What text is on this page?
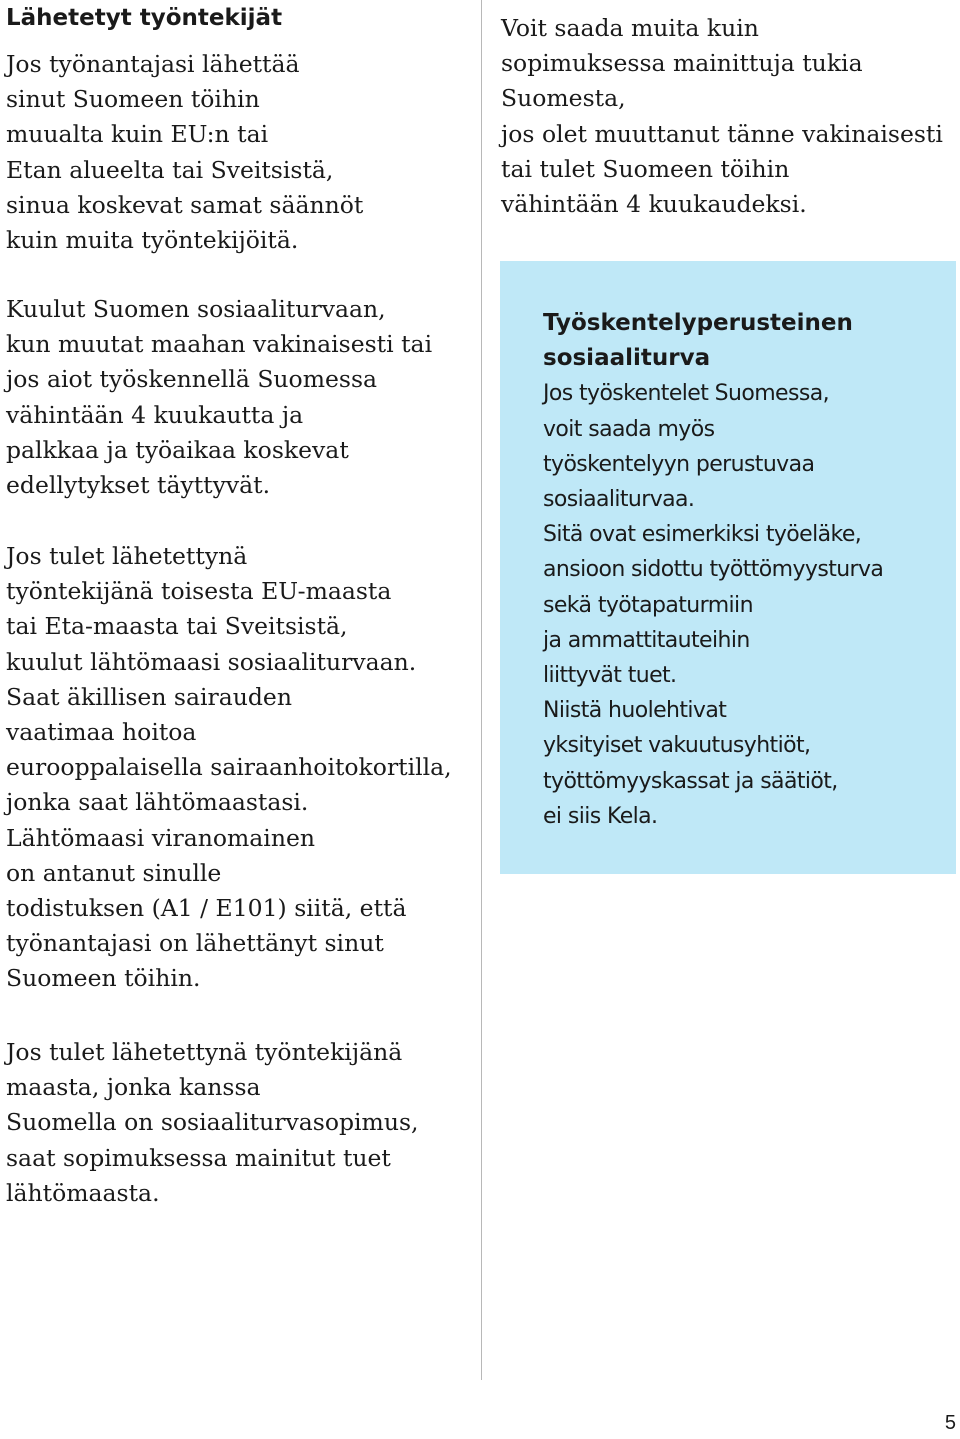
Lähetetyt työntekijät

Jos työnantajasi lähettää
sinut Suomeen töihin
muualta kuin EU:n tai
Etan alueelta tai Sveitsistä,
sinua koskevat samat säännöt
kuin muita työntekijöitä.

Kuulut Suomen sosiaaliturvaan,
kun muutat maahan vakinaisesti tai
jos aiot työskennellä Suomessa
vähintään 4 kuukautta ja
palkkaa ja työaikaa koskevat
edellytykset täyttyvät.

Jos tulet lähetettynä
työntekijänä toisesta EU-maasta
tai Eta-maasta tai Sveitsistä,
kuulut lähtömaasi sosiaaliturvaan.
Saat äkillisen sairauden
vaatimaa hoitoa
eurooppalaisella sairaanhoitokortilla,
jonka saat lähtömaastasi.
Lähtömaasi viranomainen
on antanut sinulle
todistuksen (A1 / E101) siitä, että
työnantajasi on lähettänyt sinut
Suomeen töihin.

Jos tulet lähetettynä työntekijänä
maasta, jonka kanssa
Suomella on sosiaaliturvasopimus,
saat sopimuksessa mainitut tuet
lähtömaasta.

Voit saada muita kuin
sopimuksessa mainittuja tukia
Suomesta,
jos olet muuttanut tänne vakinaisesti
tai tulet Suomeen töihin
vähintään 4 kuukaudeksi.

Työskentelyperusteinen
sosiaaliturva

Jos työskentelet Suomessa,
voit saada myös
työskentelyyn perustuvaa
sosiaaliturvaa.
Sitä ovat esimerkiksi työeläke,
ansioon sidottu työttömyysturva
sekä työtapaturmiin
ja ammattitauteihin
liittyvät tuet.
Niistä huolehtivat
yksityiset vakuutusyhtiöt,
työttömyyskassat ja säätiöt,
ei siis Kela.

5
